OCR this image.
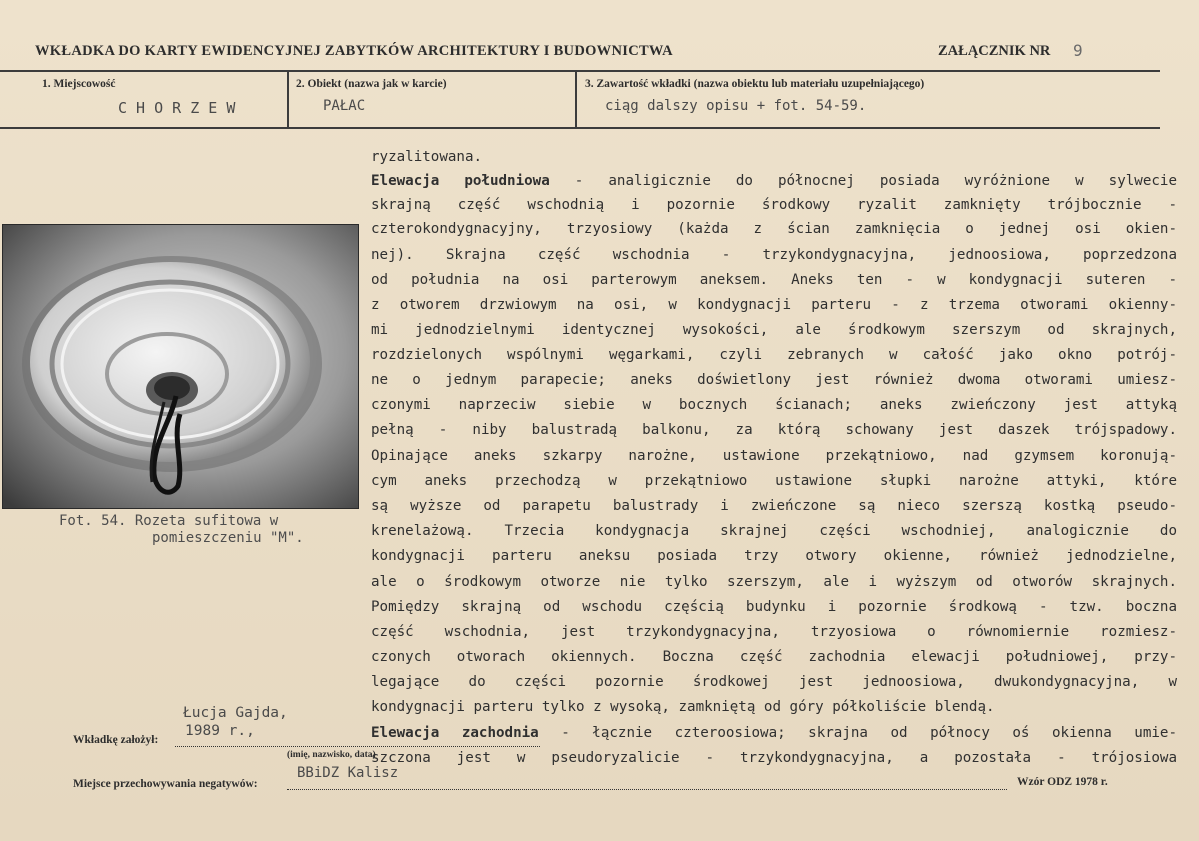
WKŁADKA DO KARTY EWIDENCYJNEJ ZABYTKÓW ARCHITEKTURY I BUDOWNICTWA	ZAŁĄCZNIK NR 9
1. Miejscowość
C H O R Z E W
2. Obiekt (nazwa jak w karcie)
PAŁAC
3. Zawartość wkładki (nazwa obiektu lub materiału uzupełniającego)
ciąg dalszy opisu + fot. 54-59.
Fot. 54. Rozeta sufitowa w
pomieszczeniu "M".
ryzalitowana.
Elewacja południowa - analigicznie do północnej posiada wyróżnione w sylwecie
skrajną część wschodnią i pozornie środkowy ryzalit zamknięty trójbocznie -
czterokondygnacyjny, trzyosiowy (każda z ścian zamknięcia o jednej osi okien-
nej). Skrajna część wschodnia - trzykondygnacyjna, jednoosiowa, poprzedzona
od południa na osi parterowym aneksem. Aneks ten - w kondygnacji suteren -
z otworem drzwiowym na osi, w kondygnacji parteru - z trzema otworami okienny-
mi jednodzielnymi identycznej wysokości, ale środkowym szerszym od skrajnych,
rozdzielonych wspólnymi węgarkami, czyli zebranych w całość jako okno potrój-
ne o jednym parapecie; aneks doświetlony jest również dwoma otworami umiesz-
czonymi naprzeciw siebie w bocznych ścianach; aneks zwieńczony jest attyką
pełną - niby balustradą balkonu, za którą schowany jest daszek trójspadowy.
Opinające aneks szkarpy narożne, ustawione przekątniowo, nad gzymsem koronują-
cym aneks przechodzą w przekątniowo ustawione słupki narożne attyki, które
są wyższe od parapetu balustrady i zwieńczone są nieco szerszą kostką pseudo-
krenelażową. Trzecia kondygnacja skrajnej części wschodniej, analogicznie do
kondygnacji parteru aneksu posiada trzy otwory okienne, również jednodzielne,
ale o środkowym otworze nie tylko szerszym, ale i wyższym od otworów skrajnych.
Pomiędzy skrajną od wschodu częścią budynku i pozornie środkową - tzw. boczna
część wschodnia, jest trzykondygnacyjna, trzyosiowa o równomiernie rozmiesz-
czonych otworach okiennych. Boczna część zachodnia elewacji południowej, przy-
legające do części pozornie środkowej jest jednoosiowa, dwukondygnacyjna, w
kondygnacji parteru tylko z wysoką, zamkniętą od góry półkoliście blendą.
Elewacja zachodnia - łącznie czteroosiowa; skrajna od północy oś okienna umie-
szczona jest w pseudoryzalicie - trzykondygnacyjna, a pozostała - trójosiowa
Łucja Gajda,
1989 r.,
Wkładkę założył:
(imię, nazwisko, data)
BBiDZ Kalisz
Miejsce przechowywania negatywów:	Wzór ODZ 1978 r.
